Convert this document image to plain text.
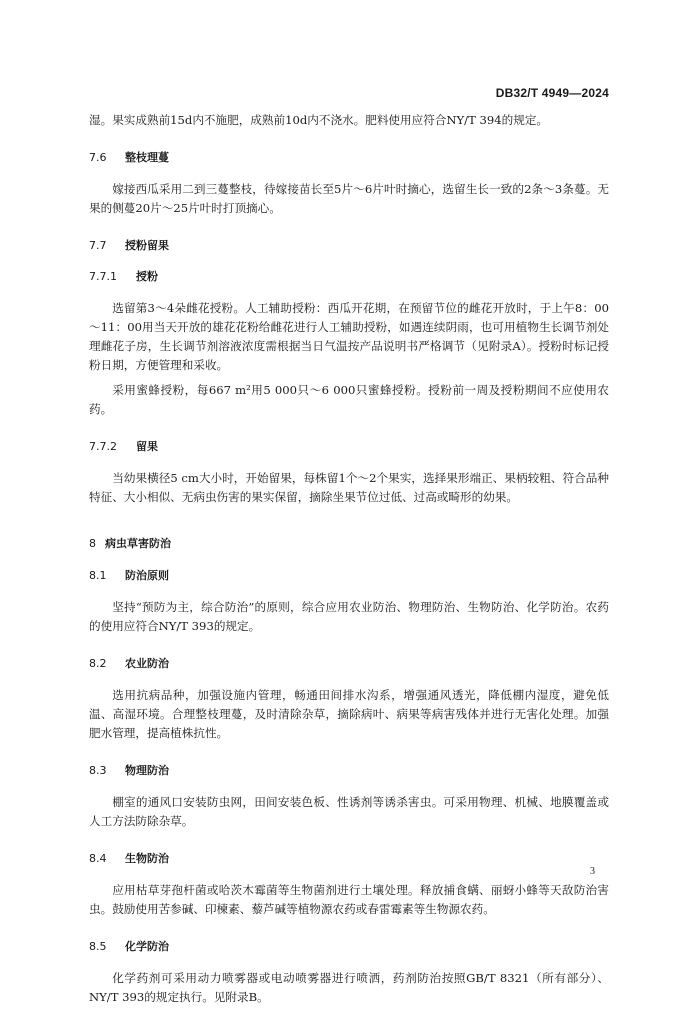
DB32/T 4949—2024

湿。果实成熟前15d内不施肥，成熟前10d内不浇水。肥料使用应符合NY/T 394的规定。

7.6 整枝理蔓

嫁接西瓜采用二到三蔓整枝，待嫁接苗长至5片～6片叶时摘心，选留生长一致的2条～3条蔓。无果的侧蔓20片～25片叶时打顶摘心。

7.7 授粉留果
7.7.1 授粉

选留第3～4朵雌花授粉。人工辅助授粉：西瓜开花期，在预留节位的雌花开放时，于上午8：00～11：00用当天开放的雄花花粉给雌花进行人工辅助授粉，如遇连续阴雨，也可用植物生长调节剂处理雌花子房，生长调节剂溶液浓度需根据当日气温按产品说明书严格调节（见附录A）。授粉时标记授粉日期，方便管理和采收。

采用蜜蜂授粉，每667 m²用5 000只～6 000只蜜蜂授粉。授粉前一周及授粉期间不应使用农药。

7.7.2 留果

当幼果横径5 cm大小时，开始留果，每株留1个～2个果实，选择果形端正、果柄较粗、符合品种特征、大小相似、无病虫伤害的果实保留，摘除坐果节位过低、过高或畸形的幼果。

8 病虫草害防治
8.1 防治原则

坚持“预防为主，综合防治”的原则，综合应用农业防治、物理防治、生物防治、化学防治。农药的使用应符合NY/T 393的规定。

8.2 农业防治

选用抗病品种，加强设施内管理，畅通田间排水沟系，增强通风透光，降低棚内湿度，避免低温、高湿环境。合理整枝理蔓，及时清除杂草，摘除病叶、病果等病害残体并进行无害化处理。加强肥水管理，提高植株抗性。

8.3 物理防治

棚室的通风口安装防虫网，田间安装色板、性诱剂等诱杀害虫。可采用物理、机械、地膜覆盖或人工方法防除杂草。

8.4 生物防治

应用枯草芽孢杆菌或哈茨木霉菌等生物菌剂进行土壤处理。释放捕食螨、丽蚜小蜂等天敌防治害虫。鼓励使用苦参碱、印楝素、藜芦碱等植物源农药或春雷霉素等生物源农药。

8.5 化学防治

化学药剂可采用动力喷雾器或电动喷雾器进行喷洒，药剂防治按照GB/T 8321（所有部分）、NY/T 393的规定执行。见附录B。

3
